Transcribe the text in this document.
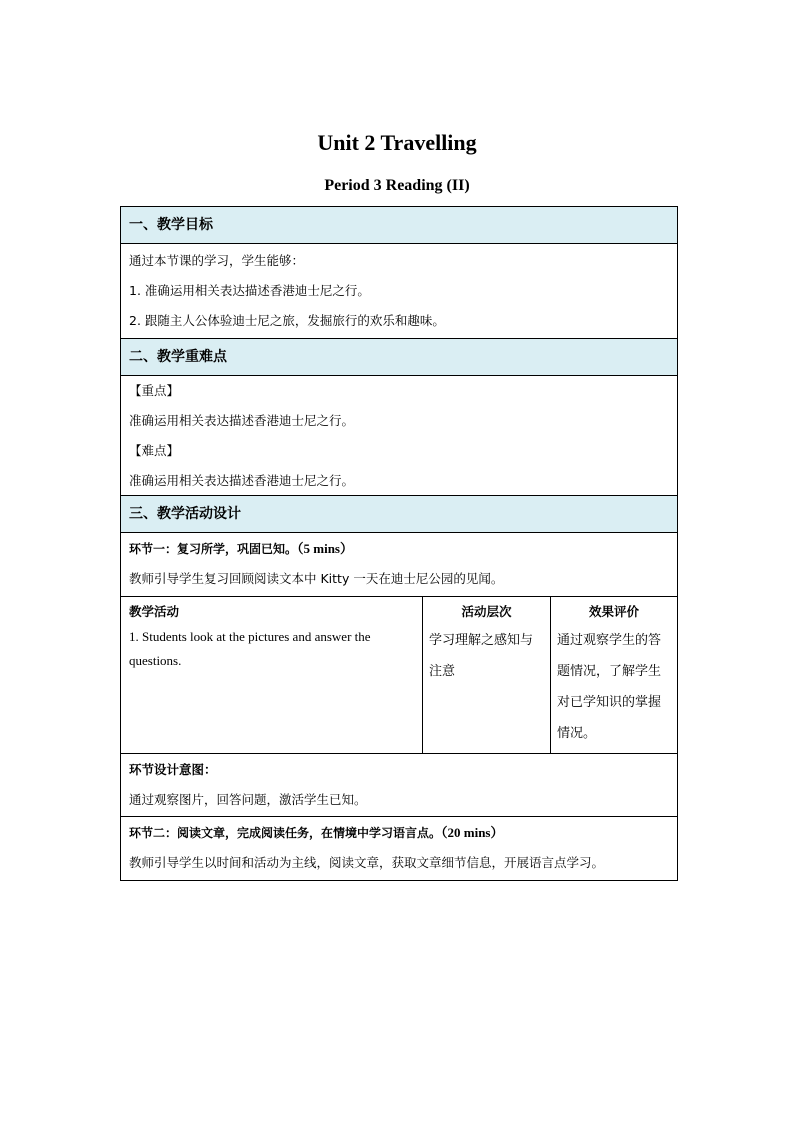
Unit 2 Travelling
Period 3 Reading (II)
一、教学目标
通过本节课的学习，学生能够：
1. 准确运用相关表达描述香港迪士尼之行。
2. 跟随主人公体验迪士尼之旅，发掘旅行的欢乐和趣味。
二、教学重难点
【重点】
准确运用相关表达描述香港迪士尼之行。
【难点】
准确运用相关表达描述香港迪士尼之行。
三、教学活动设计
环节一：复习所学，巩固已知。（5 mins）
教师引导学生复习回顾阅读文本中 Kitty 一天在迪士尼公园的见闻。
教学活动
1. Students look at the pictures and answer the questions.
活动层次
学习理解之感知与注意
效果评价
通过观察学生的答题情况，了解学生对已学知识的掌握情况。
环节设计意图：
通过观察图片，回答问题，激活学生已知。
环节二：阅读文章，完成阅读任务，在情境中学习语言点。（20 mins）
教师引导学生以时间和活动为主线，阅读文章，获取文章细节信息，开展语言点学习。
